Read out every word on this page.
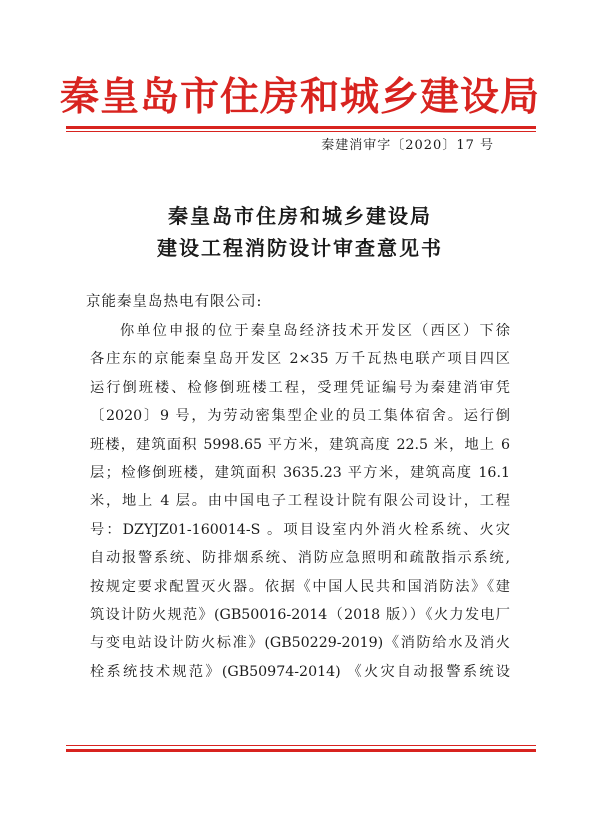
秦皇岛市住房和城乡建设局
秦建消审字〔2020〕17 号
秦皇岛市住房和城乡建设局
建设工程消防设计审查意见书
京能秦皇岛热电有限公司:
你单位申报的位于秦皇岛经济技术开发区（西区）下徐
各庄东的京能秦皇岛开发区 2×35 万千瓦热电联产项目四区
运行倒班楼、检修倒班楼工程，受理凭证编号为秦建消审凭
〔2020〕9 号，为劳动密集型企业的员工集体宿舍。运行倒
班楼，建筑面积 5998.65 平方米，建筑高度 22.5 米，地上 6
层；检修倒班楼，建筑面积 3635.23 平方米，建筑高度 16.1
米，地上 4 层。由中国电子工程设计院有限公司设计，工程
号：DZYJZ01-160014-S 。项目设室内外消火栓系统、火灾
自动报警系统、防排烟系统、消防应急照明和疏散指示系统,
按规定要求配置灭火器。依据《中国人民共和国消防法》《建
筑设计防火规范》(GB50016-2014（2018 版））《火力发电厂
与变电站设计防火标准》(GB50229-2019)《消防给水及消火
栓系统技术规范》(GB50974-2014) 《火灾自动报警系统设
